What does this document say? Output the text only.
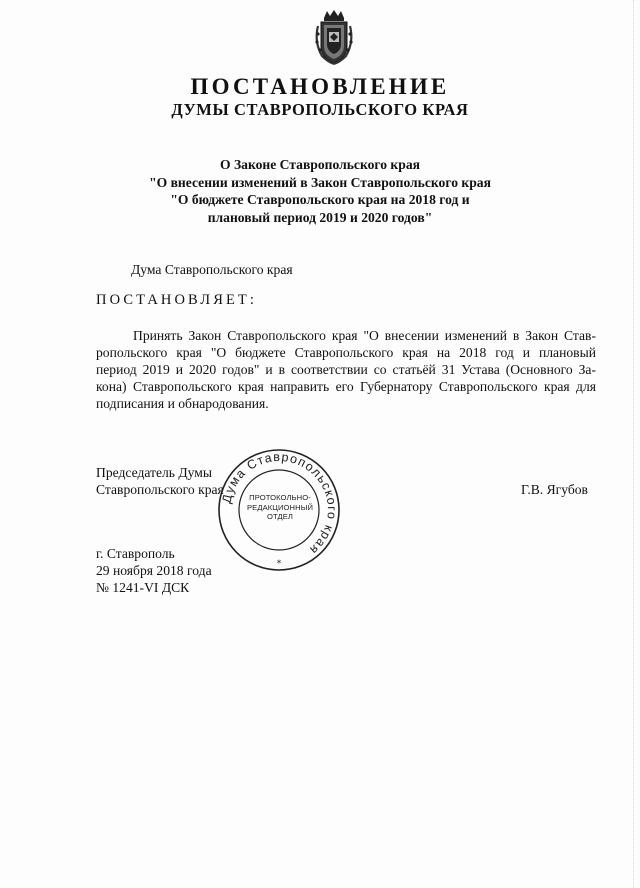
ПОСТАНОВЛЕНИЕ
ДУМЫ СТАВРОПОЛЬСКОГО КРАЯ
О Законе Ставропольского края
"О внесении изменений в Закон Ставропольского края
"О бюджете Ставропольского края на 2018 год и
плановый период 2019 и 2020 годов"
Дума Ставропольского края
ПОСТАНОВЛЯЕТ:
Принять Закон Ставропольского края "О внесении изменений в Закон Став-
ропольского края "О бюджете Ставропольского края на 2018 год и плановый
период 2019 и 2020 годов" и в соответствии со статьёй 31 Устава (Основного За-
кона) Ставропольского края направить его Губернатору Ставропольского края для
подписания и обнародования.
Председатель Думы
Ставропольского края	Г.В. Ягубов
Дума Ставропольского края
*
ПРОТОКОЛЬНО-
РЕДАКЦИОННЫЙ
ОТДЕЛ
г. Ставрополь
29 ноября 2018 года
№ 1241-VI ДСК
